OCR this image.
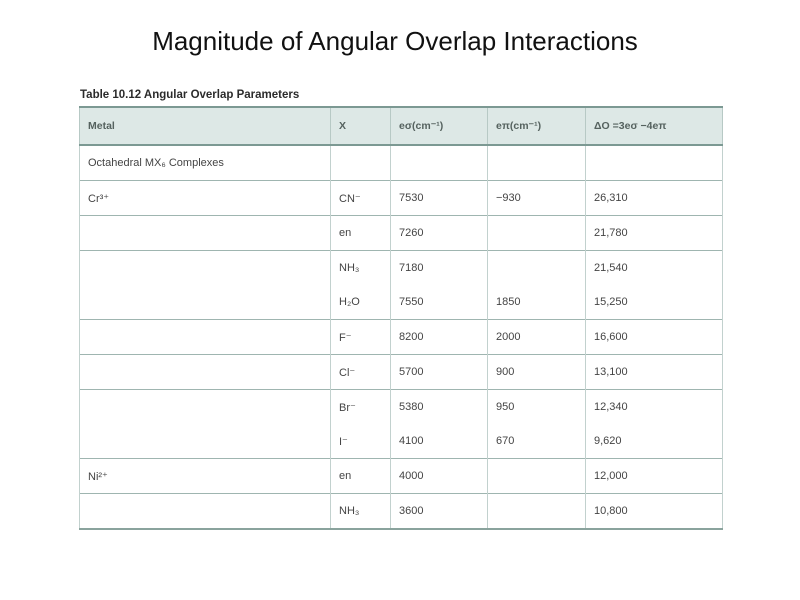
Magnitude of Angular Overlap Interactions
Table 10.12 Angular Overlap Parameters
Metal	X	eσ(cm⁻¹)	eπ(cm⁻¹)	ΔO =3eσ −4eπ
Octahedral MX₆ Complexes				
Cr³⁺	CN⁻	7530	−930	26,310
	en	7260		21,780
	NH₃	7180		21,540
	H₂O	7550	1850	15,250
	F⁻	8200	2000	16,600
	Cl⁻	5700	900	13,100
	Br⁻	5380	950	12,340
	I⁻	4100	670	9,620
Ni²⁺	en	4000		12,000
	NH₃	3600		10,800
